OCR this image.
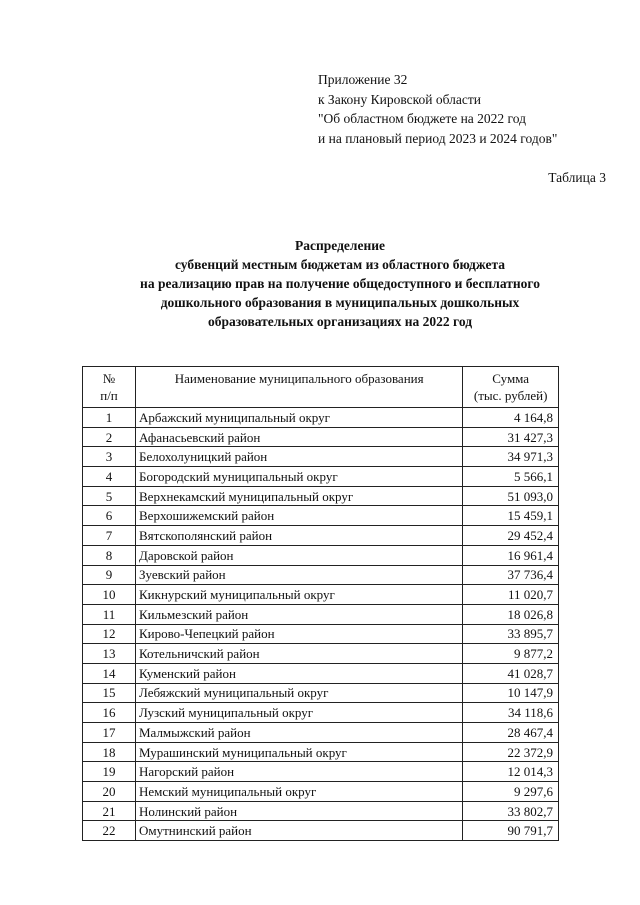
Приложение 32
к Закону Кировской области
"Об областном бюджете на 2022 год
и на плановый период 2023 и 2024 годов"
Таблица 3
Распределение
субвенций местным бюджетам из областного бюджета
на реализацию прав на получение общедоступного и бесплатного
дошкольного образования в муниципальных дошкольных
образовательных организациях на 2022 год
№
п/п	Наименование муниципального образования	Сумма
(тыс. рублей)
1	Арбажский муниципальный округ	4 164,8
2	Афанасьевский район	31 427,3
3	Белохолуницкий район	34 971,3
4	Богородский муниципальный округ	5 566,1
5	Верхнекамский муниципальный округ	51 093,0
6	Верхошижемский район	15 459,1
7	Вятскополянский район	29 452,4
8	Даровской район	16 961,4
9	Зуевский район	37 736,4
10	Кикнурский муниципальный округ	11 020,7
11	Кильмезский район	18 026,8
12	Кирово-Чепецкий район	33 895,7
13	Котельничский район	9 877,2
14	Куменский район	41 028,7
15	Лебяжский муниципальный округ	10 147,9
16	Лузский муниципальный округ	34 118,6
17	Малмыжский район	28 467,4
18	Мурашинский муниципальный округ	22 372,9
19	Нагорский район	12 014,3
20	Немский муниципальный округ	9 297,6
21	Нолинский район	33 802,7
22	Омутнинский район	90 791,7
